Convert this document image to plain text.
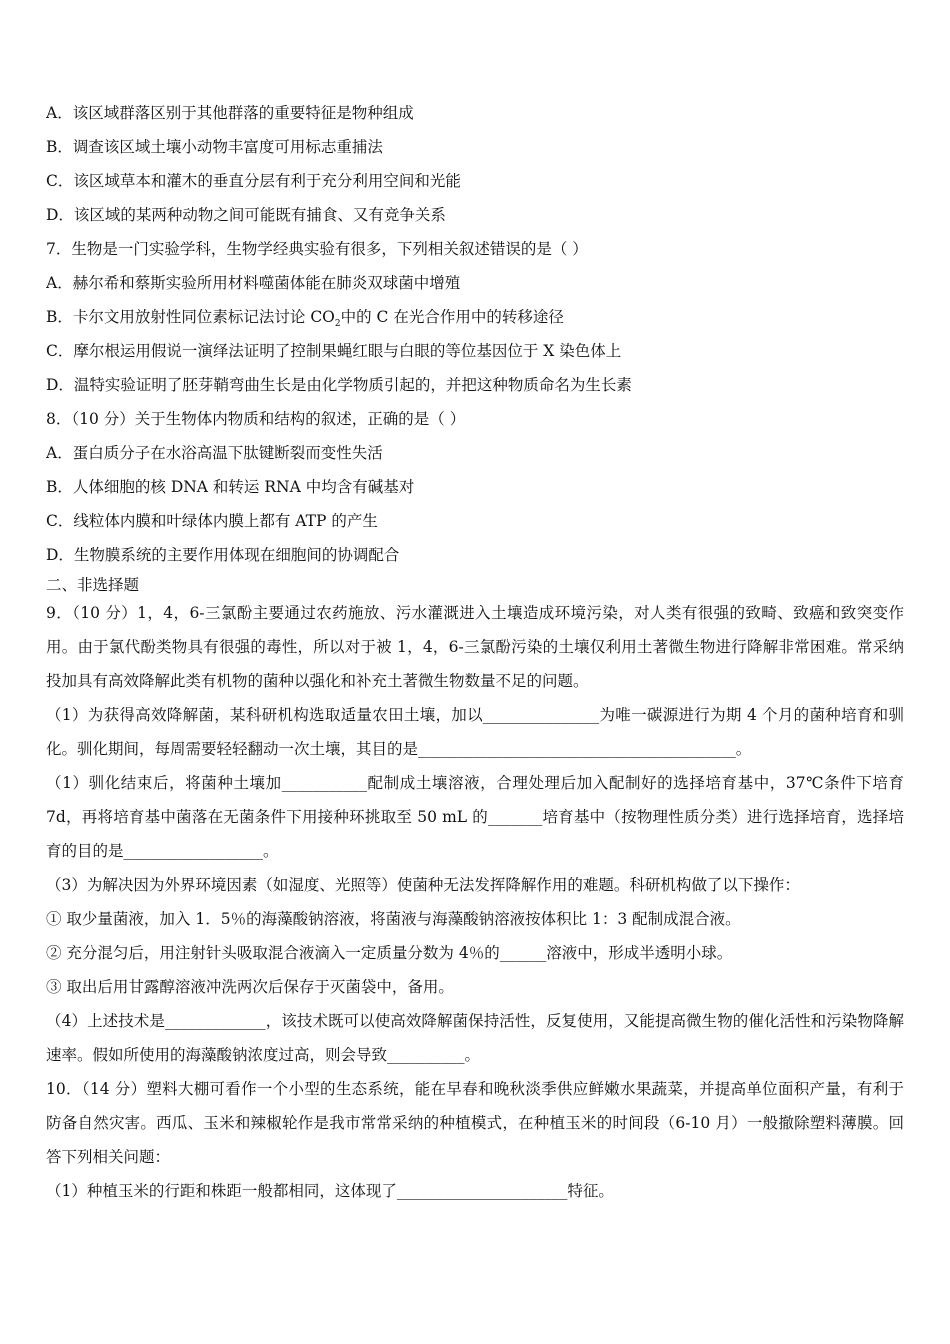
A．该区域群落区别于其他群落的重要特征是物种组成
B．调查该区域土壤小动物丰富度可用标志重捕法
C．该区域草本和灌木的垂直分层有利于充分利用空间和光能
D．该区域的某两种动物之间可能既有捕食、又有竞争关系
7．生物是一门实验学科，生物学经典实验有很多，下列相关叙述错误的是（ ）
A．赫尔希和蔡斯实验所用材料噬菌体能在肺炎双球菌中增殖
B．卡尔文用放射性同位素标记法讨论 $CO_2$中的 C 在光合作用中的转移途径
C．摩尔根运用假说一演绎法证明了控制果蝇红眼与白眼的等位基因位于 X 染色体上
D．温特实验证明了胚芽鞘弯曲生长是由化学物质引起的，并把这种物质命名为生长素
8．（10 分）关于生物体内物质和结构的叙述，正确的是（ ）
A．蛋白质分子在水浴高温下肽键断裂而变性失活
B．人体细胞的核 DNA 和转运 RNA 中均含有碱基对
C．线粒体内膜和叶绿体内膜上都有 ATP 的产生
D．生物膜系统的主要作用体现在细胞间的协调配合
二、非选择题
9．（10 分）1，4，6-三氯酚主要通过农药施放、污水灌溉进入土壤造成环境污染，对人类有很强的致畸、致癌和致突变作用。由于氯代酚类物具有很强的毒性，所以对于被 1，4，6-三氯酚污染的土壤仅利用土著微生物进行降解非常困难。常采纳投加具有高效降解此类有机物的菌种以强化和补充土著微生物数量不足的问题。
（1）为获得高效降解菌，某科研机构选取适量农田土壤，加以_______________为唯一碳源进行为期 4 个月的菌种培育和驯化。驯化期间，每周需要轻轻翻动一次土壤，其目的是_________________________________________。
（1）驯化结束后，将菌种土壤加___________配制成土壤溶液，合理处理后加入配制好的选择培育基中，37℃条件下培育 7d，再将培育基中菌落在无菌条件下用接种环挑取至 50 mL 的_______培育基中（按物理性质分类）进行选择培育，选择培育的目的是__________________。
（3）为解决因为外界环境因素（如湿度、光照等）使菌种无法发挥降解作用的难题。科研机构做了以下操作：
① 取少量菌液，加入 1．5％的海藻酸钠溶液，将菌液与海藻酸钠溶液按体积比 1：3 配制成混合液。
② 充分混匀后，用注射针头吸取混合液滴入一定质量分数为 4％的______溶液中，形成半透明小球。
③ 取出后用甘露醇溶液冲洗两次后保存于灭菌袋中，备用。
（4）上述技术是_____________，该技术既可以使高效降解菌保持活性，反复使用，又能提高微生物的催化活性和污染物降解速率。假如所使用的海藻酸钠浓度过高，则会导致__________。
10．（14 分）塑料大棚可看作一个小型的生态系统，能在早春和晚秋淡季供应鲜嫩水果蔬菜，并提高单位面积产量，有利于防备自然灾害。西瓜、玉米和辣椒轮作是我市常常采纳的种植模式，在种植玉米的时间段（6-10 月）一般撤除塑料薄膜。回答下列相关问题：
（1）种植玉米的行距和株距一般都相同，这体现了______________________特征。
